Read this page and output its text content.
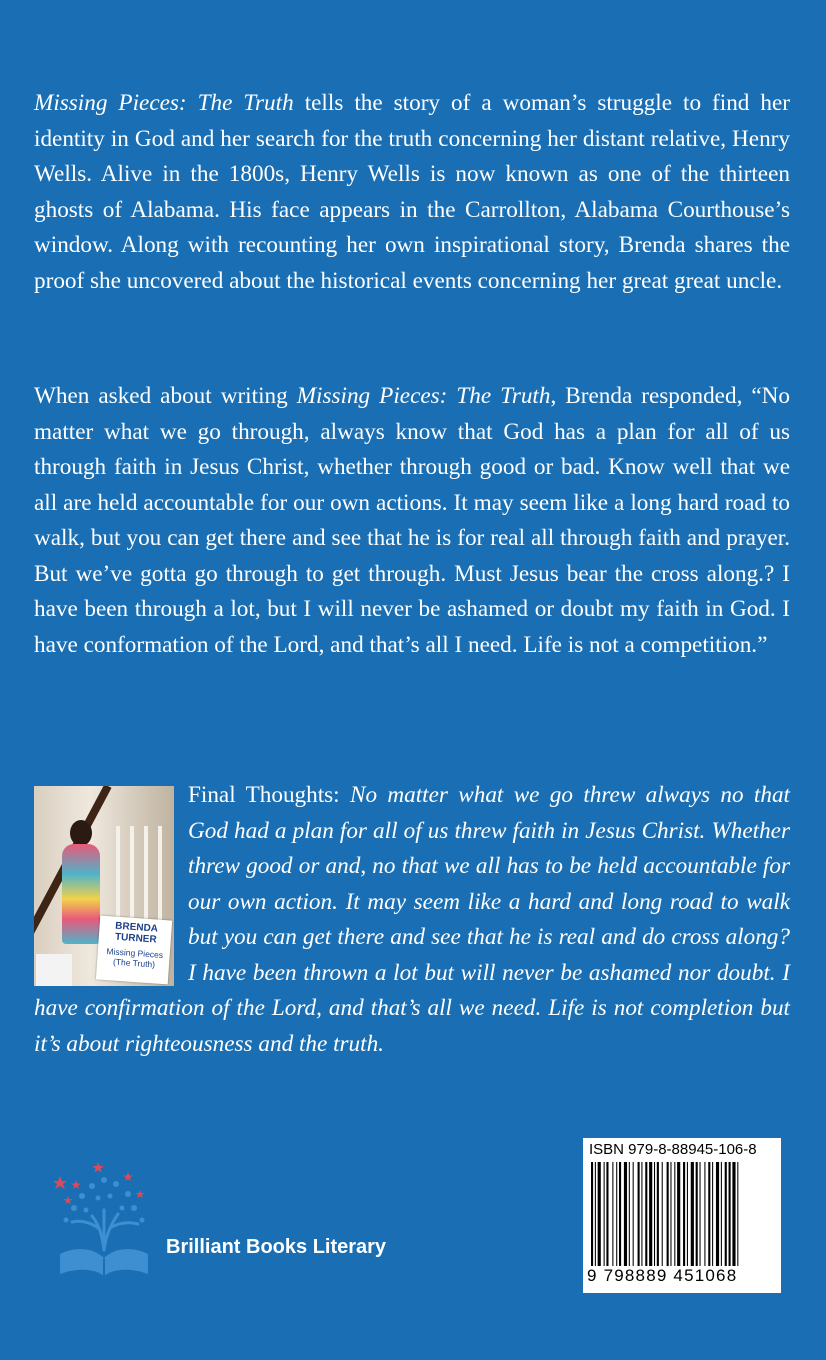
Missing Pieces: The Truth tells the story of a woman’s struggle to find her identity in God and her search for the truth concerning her distant relative, Henry Wells. Alive in the 1800s, Henry Wells is now known as one of the thirteen ghosts of Alabama. His face appears in the Carrollton, Alabama Courthouse’s window. Along with recounting her own inspirational story, Brenda shares the proof she uncovered about the historical events concerning her great great uncle.

When asked about writing Missing Pieces: The Truth, Brenda responded, “No matter what we go through, always know that God has a plan for all of us through faith in Jesus Christ, whether through good or bad. Know well that we all are held accountable for our own actions. It may seem like a long hard road to walk, but you can get there and see that he is for real all through faith and prayer. But we’ve gotta go through to get through. Must Jesus bear the cross along.? I have been through a lot, but I will never be ashamed or doubt my faith in God. I have conformation of the Lord, and that’s all I need. Life is not a competition.”

BRENDA TURNER
Missing Pieces (The Truth)
Final Thoughts: No matter what we go threw always no that God had a plan for all of us threw faith in Jesus Christ. Whether threw good or and, no that we all has to be held accountable for our own action. It may seem like a hard and long road to walk but you can get there and see that he is real and do cross along? I have been thrown a lot but will never be ashamed nor doubt. I have confirmation of the Lord, and that’s all we need. Life is not completion but it’s about righteousness and the truth.
Brilliant Books Literary
ISBN 979-8-88945-106-8
9 798889 451068
